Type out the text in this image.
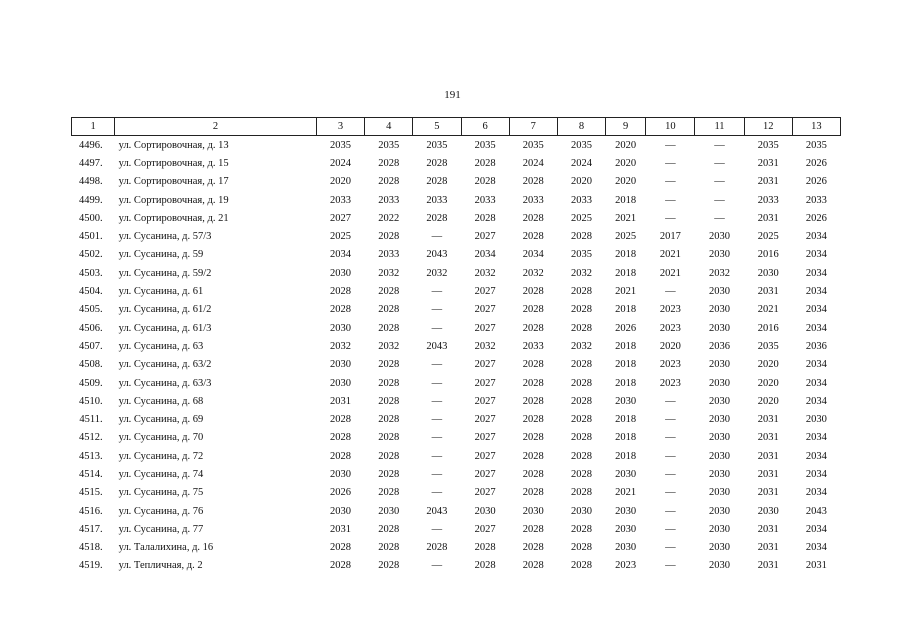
191
1	2	3	4	5	6	7	8	9	10	11	12	13
4496.	ул. Сортировочная, д. 13	2035	2035	2035	2035	2035	2035	2020	—	—	2035	2035
4497.	ул. Сортировочная, д. 15	2024	2028	2028	2028	2024	2024	2020	—	—	2031	2026
4498.	ул. Сортировочная, д. 17	2020	2028	2028	2028	2028	2020	2020	—	—	2031	2026
4499.	ул. Сортировочная, д. 19	2033	2033	2033	2033	2033	2033	2018	—	—	2033	2033
4500.	ул. Сортировочная, д. 21	2027	2022	2028	2028	2028	2025	2021	—	—	2031	2026
4501.	ул. Сусанина, д. 57/3	2025	2028	—	2027	2028	2028	2025	2017	2030	2025	2034
4502.	ул. Сусанина, д. 59	2034	2033	2043	2034	2034	2035	2018	2021	2030	2016	2034
4503.	ул. Сусанина, д. 59/2	2030	2032	2032	2032	2032	2032	2018	2021	2032	2030	2034
4504.	ул. Сусанина, д. 61	2028	2028	—	2027	2028	2028	2021	—	2030	2031	2034
4505.	ул. Сусанина, д. 61/2	2028	2028	—	2027	2028	2028	2018	2023	2030	2021	2034
4506.	ул. Сусанина, д. 61/3	2030	2028	—	2027	2028	2028	2026	2023	2030	2016	2034
4507.	ул. Сусанина, д. 63	2032	2032	2043	2032	2033	2032	2018	2020	2036	2035	2036
4508.	ул. Сусанина, д. 63/2	2030	2028	—	2027	2028	2028	2018	2023	2030	2020	2034
4509.	ул. Сусанина, д. 63/3	2030	2028	—	2027	2028	2028	2018	2023	2030	2020	2034
4510.	ул. Сусанина, д. 68	2031	2028	—	2027	2028	2028	2030	—	2030	2020	2034
4511.	ул. Сусанина, д. 69	2028	2028	—	2027	2028	2028	2018	—	2030	2031	2030
4512.	ул. Сусанина, д. 70	2028	2028	—	2027	2028	2028	2018	—	2030	2031	2034
4513.	ул. Сусанина, д. 72	2028	2028	—	2027	2028	2028	2018	—	2030	2031	2034
4514.	ул. Сусанина, д. 74	2030	2028	—	2027	2028	2028	2030	—	2030	2031	2034
4515.	ул. Сусанина, д. 75	2026	2028	—	2027	2028	2028	2021	—	2030	2031	2034
4516.	ул. Сусанина, д. 76	2030	2030	2043	2030	2030	2030	2030	—	2030	2030	2043
4517.	ул. Сусанина, д. 77	2031	2028	—	2027	2028	2028	2030	—	2030	2031	2034
4518.	ул. Талалихина, д. 16	2028	2028	2028	2028	2028	2028	2030	—	2030	2031	2034
4519.	ул. Тепличная, д. 2	2028	2028	—	2028	2028	2028	2023	—	2030	2031	2031
